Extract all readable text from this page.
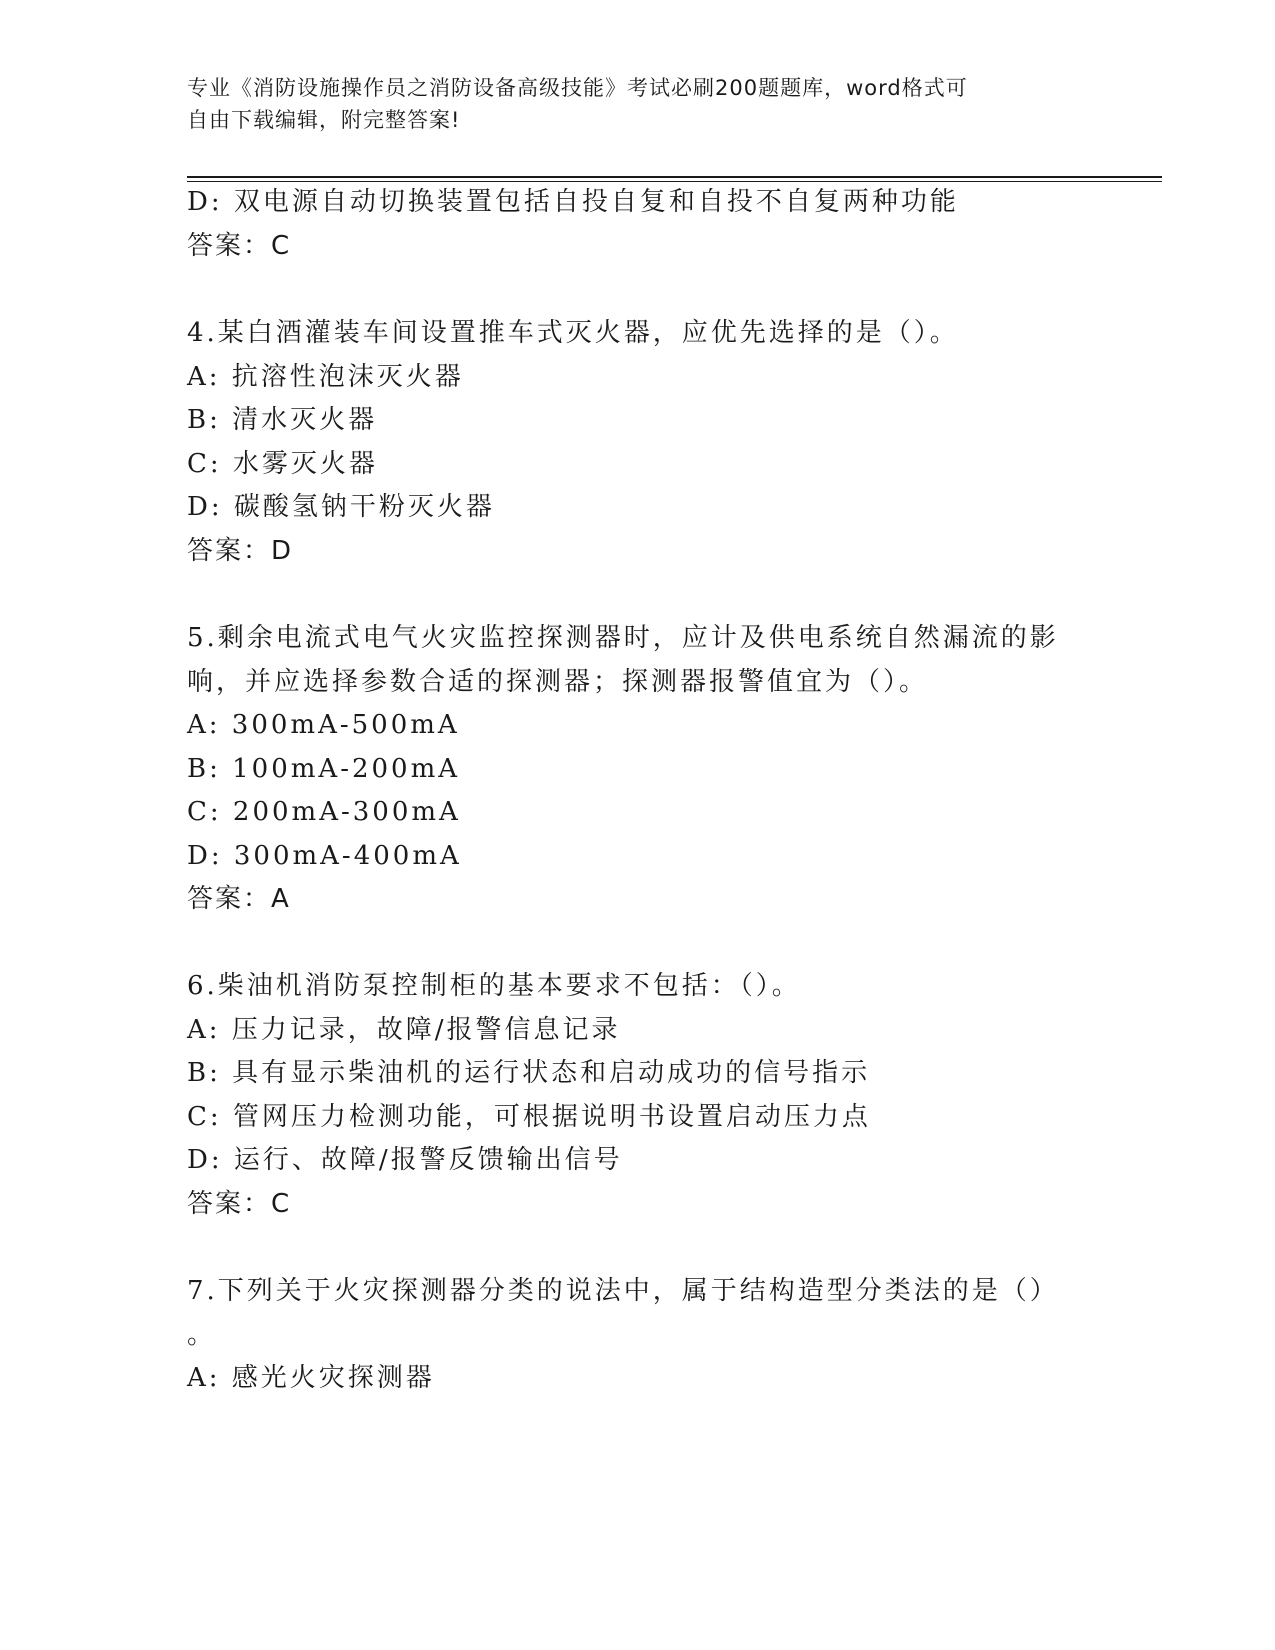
专业《消防设施操作员之消防设备高级技能》考试必刷200题题库，word格式可
自由下载编辑，附完整答案!
D: 双电源自动切换装置包括自投自复和自投不自复两种功能
答案：C
4.某白酒灌装车间设置推车式灭火器，应优先选择的是（）。
A: 抗溶性泡沫灭火器
B: 清水灭火器
C: 水雾灭火器
D: 碳酸氢钠干粉灭火器
答案：D
5.剩余电流式电气火灾监控探测器时，应计及供电系统自然漏流的影
响，并应选择参数合适的探测器；探测器报警值宜为（）。
A: 300mA-500mA
B: 100mA-200mA
C: 200mA-300mA
D: 300mA-400mA
答案：A
6.柴油机消防泵控制柜的基本要求不包括：（）。
A: 压力记录，故障/报警信息记录
B: 具有显示柴油机的运行状态和启动成功的信号指示
C: 管网压力检测功能，可根据说明书设置启动压力点
D: 运行、故障/报警反馈输出信号
答案：C
7.下列关于火灾探测器分类的说法中，属于结构造型分类法的是（）
。
A: 感光火灾探测器
